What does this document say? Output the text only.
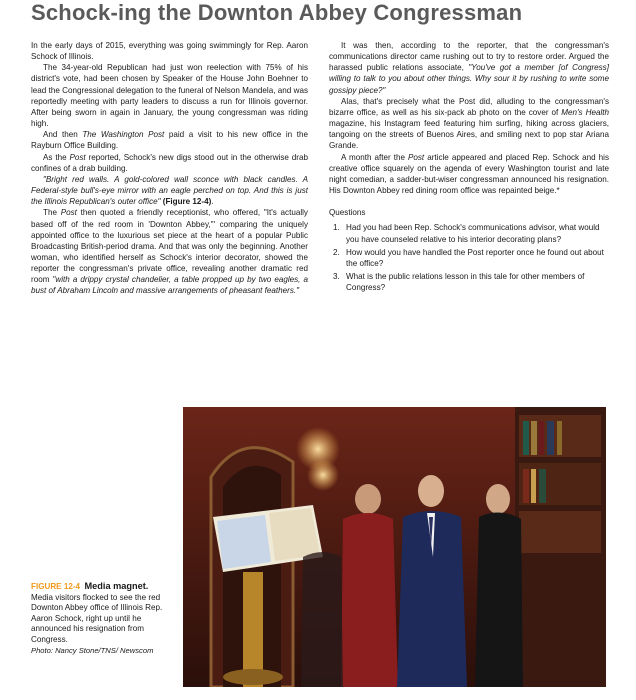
Schock-ing the Downton Abbey Congressman

In the early days of 2015, everything was going swimmingly for Rep. Aaron Schock of Illinois.

The 34-year-old Republican had just won reelection with 75% of his district's vote, had been chosen by Speaker of the House John Boehner to lead the Congressional delegation to the funeral of Nelson Mandela, and was reportedly meeting with party leaders to discuss a run for Illinois governor. After being sworn in again in January, the young congressman was riding high.

And then The Washington Post paid a visit to his new office in the Rayburn Office Building.

As the Post reported, Schock's new digs stood out in the otherwise drab confines of a drab building.

"Bright red walls. A gold-colored wall sconce with black candles. A Federal-style bull's-eye mirror with an eagle perched on top. And this is just the Illinois Republican's outer office" (Figure 12-4).

The Post then quoted a friendly receptionist, who offered, "It's actually based off of the red room in 'Downton Abbey,'" comparing the uniquely appointed office to the luxurious set piece at the heart of a popular Public Broadcasting British-period drama. And that was only the beginning. Another woman, who identified herself as Schock's interior decorator, showed the reporter the congressman's private office, revealing another dramatic red room "with a drippy crystal chandelier, a table propped up by two eagles, a bust of Abraham Lincoln and massive arrangements of pheasant feathers."

It was then, according to the reporter, that the congressman's communications director came rushing out to try to restore order. Argued the harassed public relations associate, "You've got a member [of Congress] willing to talk to you about other things. Why sour it by rushing to write some gossipy piece?"

Alas, that's precisely what the Post did, alluding to the congressman's bizarre office, as well as his six-pack ab photo on the cover of Men's Health magazine, his Instagram feed featuring him surfing, hiking across glaciers, tangoing on the streets of Buenos Aires, and smiling next to pop star Ariana Grande.

A month after the Post article appeared and placed Rep. Schock and his creative office squarely on the agenda of every Washington tourist and late night comedian, a sadder-but-wiser congressman announced his resignation. His Downton Abbey red dining room office was repainted beige.*

Questions

1. Had you had been Rep. Schock's communications advisor, what would you have counseled relative to his interior decorating plans?
2. How would you have handled the Post reporter once he found out about the office?
3. What is the public relations lesson in this tale for other members of Congress?
FIGURE 12-4 Media magnet.
Media visitors flocked to see the red Downton Abbey office of Illinois Rep. Aaron Schock, right up until he announced his resignation from Congress.
Photo: Nancy Stone/TNS/ Newscom
